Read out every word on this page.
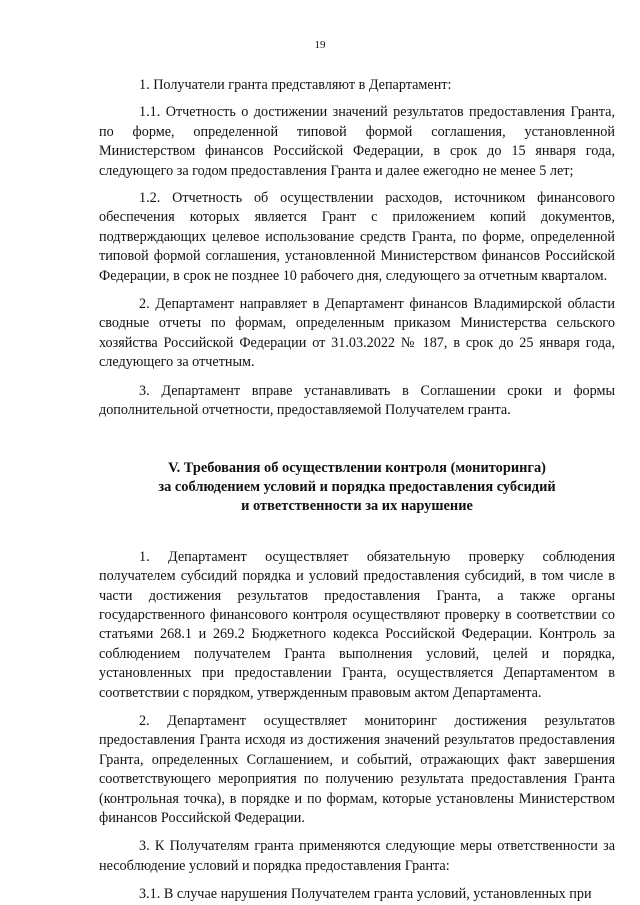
19

1. Получатели гранта представляют в Департамент:

1.1. Отчетность о достижении значений результатов предоставления Гранта, по форме, определенной типовой формой соглашения, установленной Министерством финансов Российской Федерации, в срок до 15 января года, следующего за годом предоставления Гранта и далее ежегодно не менее 5 лет;

1.2. Отчетность об осуществлении расходов, источником финансового обеспечения которых является Грант с приложением копий документов, подтверждающих целевое использование средств Гранта, по форме, определенной типовой формой соглашения, установленной Министерством финансов Российской Федерации, в срок не позднее 10 рабочего дня, следующего за отчетным кварталом.

2. Департамент направляет в Департамент финансов Владимирской области сводные отчеты по формам, определенным приказом Министерства сельского хозяйства Российской Федерации от 31.03.2022 № 187, в срок до 25 января года, следующего за отчетным.

3. Департамент вправе устанавливать в Соглашении сроки и формы дополнительной отчетности, предоставляемой Получателем гранта.

V. Требования об осуществлении контроля (мониторинга)
за соблюдением условий и порядка предоставления субсидий
и ответственности за их нарушение

1. Департамент осуществляет обязательную проверку соблюдения получателем субсидий порядка и условий предоставления субсидий, в том числе в части достижения результатов предоставления Гранта, а также органы государственного финансового контроля осуществляют проверку в соответствии со статьями 268.1 и 269.2 Бюджетного кодекса Российской Федерации. Контроль за соблюдением получателем Гранта выполнения условий, целей и порядка, установленных при предоставлении Гранта, осуществляется Департаментом в соответствии с порядком, утвержденным правовым актом Департамента.

2. Департамент осуществляет мониторинг достижения результатов предоставления Гранта исходя из достижения значений результатов предоставления Гранта, определенных Соглашением, и событий, отражающих факт завершения соответствующего мероприятия по получению результата предоставления Гранта (контрольная точка), в порядке и по формам, которые установлены Министерством финансов Российской Федерации.

3. К Получателям гранта применяются следующие меры ответственности за несоблюдение условий и порядка предоставления Гранта:

3.1. В случае нарушения Получателем гранта условий, установленных при
